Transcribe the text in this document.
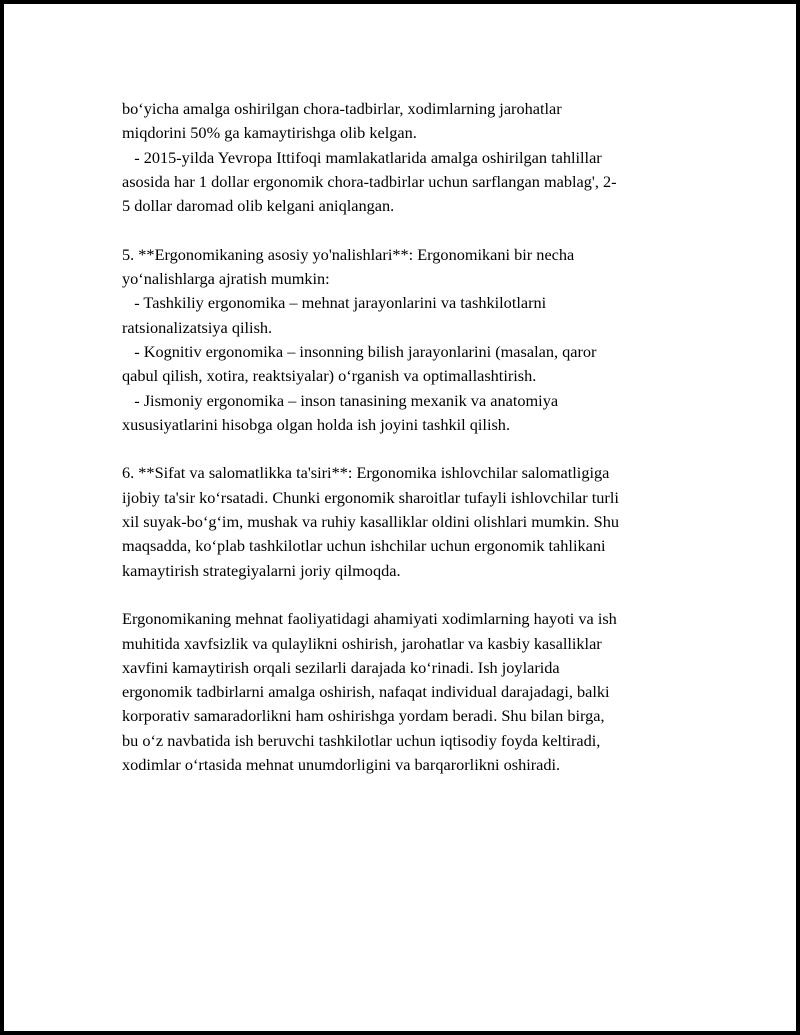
bo‘yicha amalga oshirilgan chora-tadbirlar, xodimlarning jarohatlar
miqdorini 50% ga kamaytirishga olib kelgan.
- 2015-yilda Yevropa Ittifoqi mamlakatlarida amalga oshirilgan tahlillar
asosida har 1 dollar ergonomik chora-tadbirlar uchun sarflangan mablag', 2-
5 dollar daromad olib kelgani aniqlangan.
5. **Ergonomikaning asosiy yo'nalishlari**: Ergonomikani bir necha
yo‘nalishlarga ajratish mumkin:
- Tashkiliy ergonomika – mehnat jarayonlarini va tashkilotlarni
ratsionalizatsiya qilish.
- Kognitiv ergonomika – insonning bilish jarayonlarini (masalan, qaror
qabul qilish, xotira, reaktsiyalar) o‘rganish va optimallashtirish.
- Jismoniy ergonomika – inson tanasining mexanik va anatomiya
xususiyatlarini hisobga olgan holda ish joyini tashkil qilish.
6. **Sifat va salomatlikka ta'siri**: Ergonomika ishlovchilar salomatligiga
ijobiy ta'sir ko‘rsatadi. Chunki ergonomik sharoitlar tufayli ishlovchilar turli
xil suyak-bo‘g‘im, mushak va ruhiy kasalliklar oldini olishlari mumkin. Shu
maqsadda, ko‘plab tashkilotlar uchun ishchilar uchun ergonomik tahlikani
kamaytirish strategiyalarni joriy qilmoqda.
Ergonomikaning mehnat faoliyatidagi ahamiyati xodimlarning hayoti va ish
muhitida xavfsizlik va qulaylikni oshirish, jarohatlar va kasbiy kasalliklar
xavfini kamaytirish orqali sezilarli darajada ko‘rinadi. Ish joylarida
ergonomik tadbirlarni amalga oshirish, nafaqat individual darajadagi, balki
korporativ samaradorlikni ham oshirishga yordam beradi. Shu bilan birga,
bu o‘z navbatida ish beruvchi tashkilotlar uchun iqtisodiy foyda keltiradi,
xodimlar o‘rtasida mehnat unumdorligini va barqarorlikni oshiradi.
